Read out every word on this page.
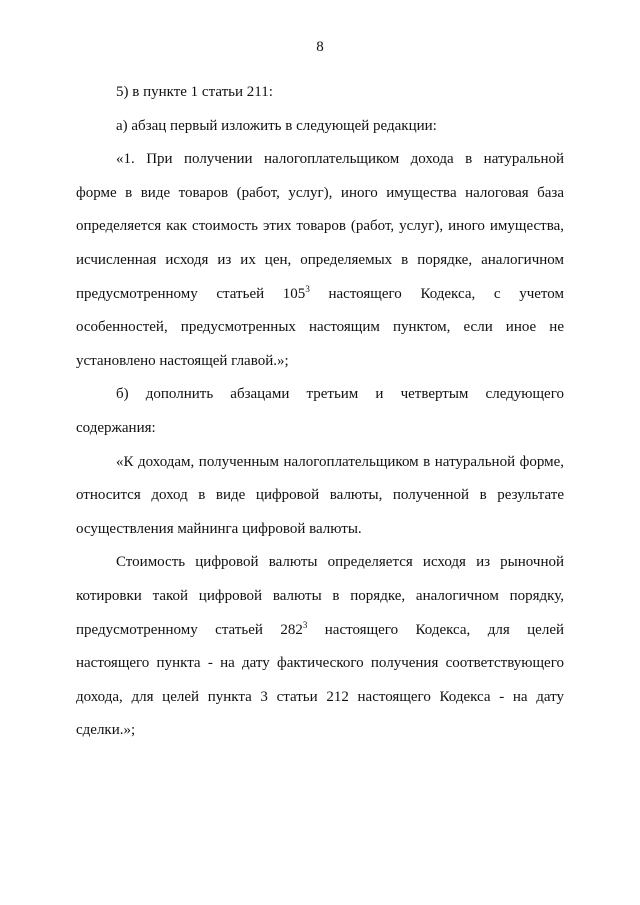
8
5) в пункте 1 статьи 211:
а) абзац первый изложить в следующей редакции:
«1. При получении налогоплательщиком дохода в натуральной
форме в виде товаров (работ, услуг), иного имущества налоговая база
определяется как стоимость этих товаров (работ, услуг), иного имущества,
исчисленная исходя из их цен, определяемых в порядке, аналогичном
предусмотренному статьей $105^3$ настоящего Кодекса, с учетом
особенностей, предусмотренных настоящим пунктом, если иное не
установлено настоящей главой.»;
б) дополнить абзацами третьим и четвертым следующего
содержания:
«К доходам, полученным налогоплательщиком в натуральной форме,
относится доход в виде цифровой валюты, полученной в результате
осуществления майнинга цифровой валюты.
Стоимость цифровой валюты определяется исходя из рыночной
котировки такой цифровой валюты в порядке, аналогичном порядку,
предусмотренному статьей $282^3$ настоящего Кодекса, для целей
настоящего пункта - на дату фактического получения соответствующего
дохода, для целей пункта 3 статьи 212 настоящего Кодекса - на дату
сделки.»;
